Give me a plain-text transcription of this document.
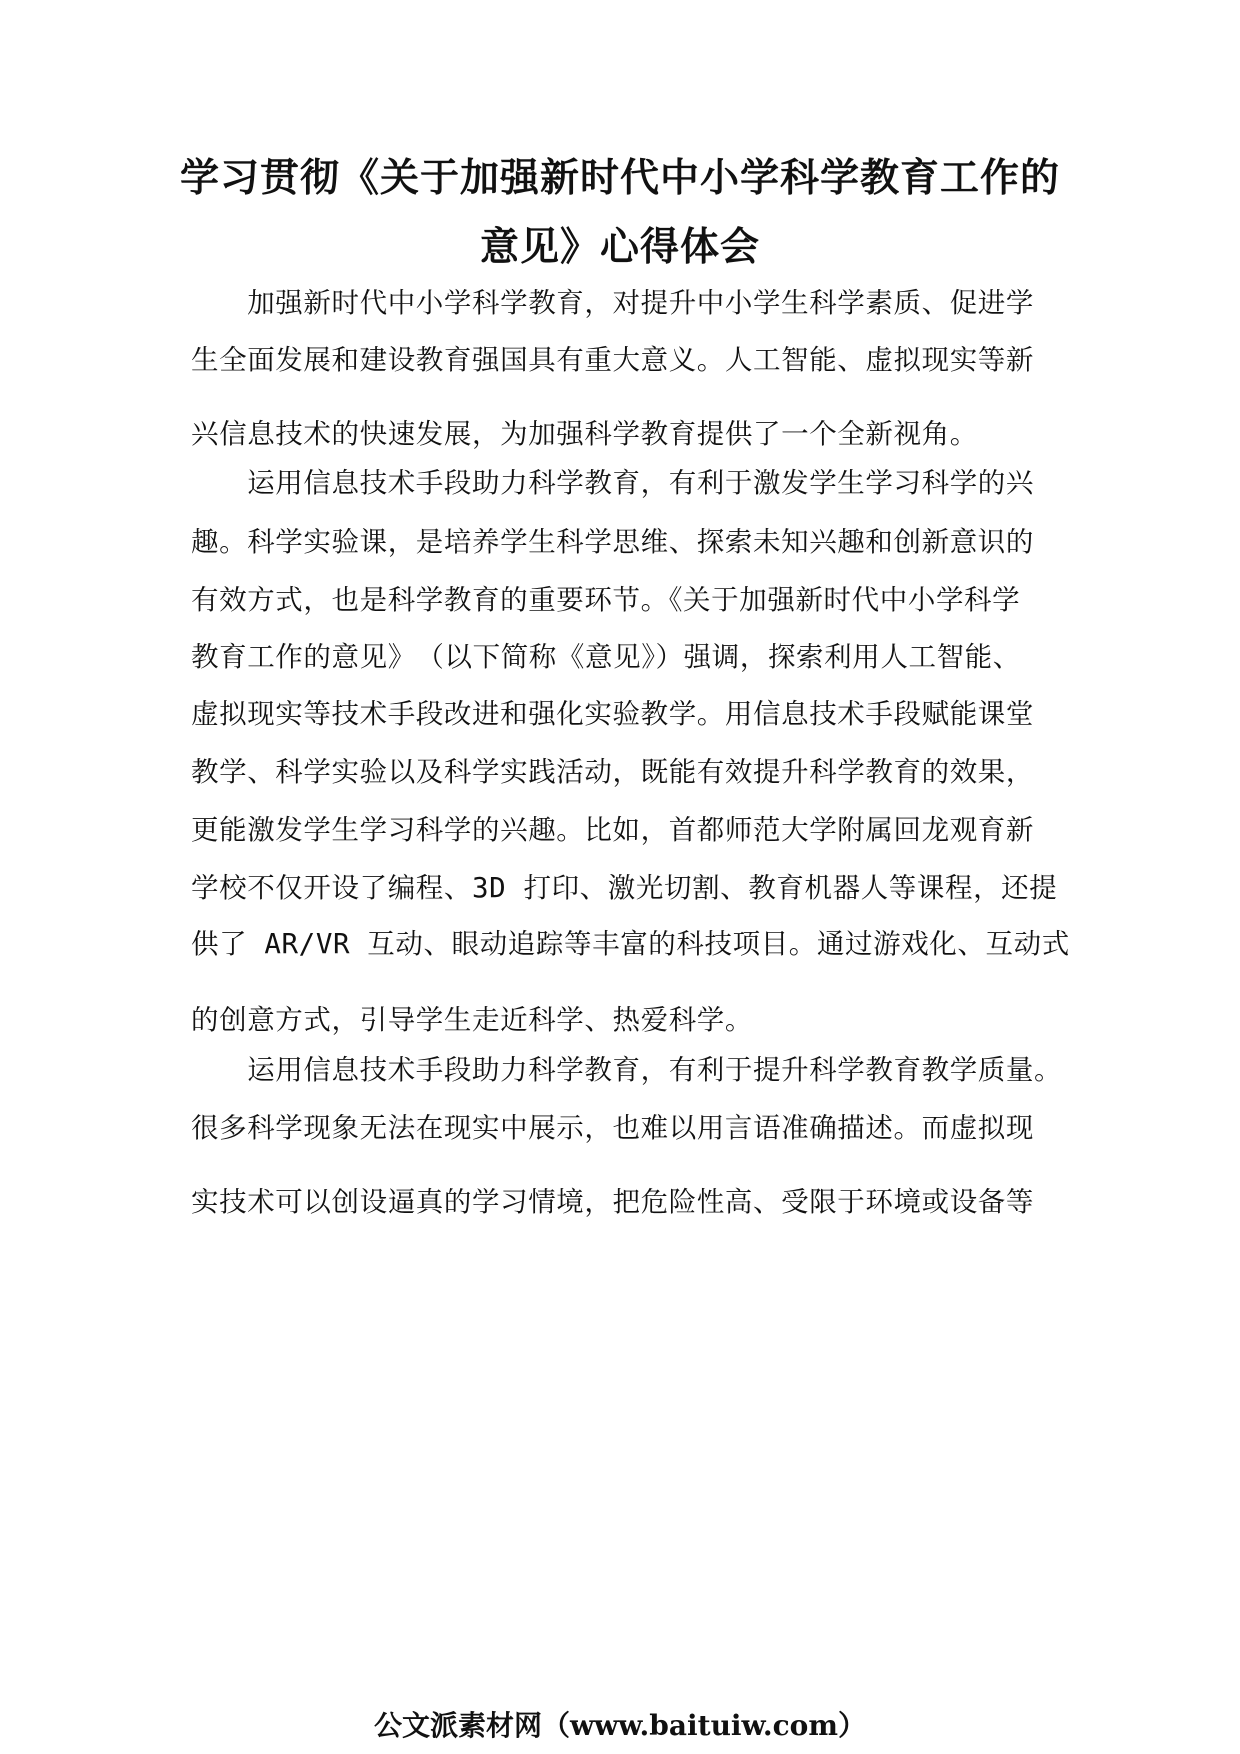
学习贯彻《关于加强新时代中小学科学教育工作的
意见》心得体会
　　加强新时代中小学科学教育，对提升中小学生科学素质、促进学
生全面发展和建设教育强国具有重大意义。人工智能、虚拟现实等新
兴信息技术的快速发展，为加强科学教育提供了一个全新视角。
　　运用信息技术手段助力科学教育，有利于激发学生学习科学的兴
趣。科学实验课，是培养学生科学思维、探索未知兴趣和创新意识的
有效方式，也是科学教育的重要环节。《关于加强新时代中小学科学
教育工作的意见》　（以下简称《意见》）强调，探索利用人工智能、
虚拟现实等技术手段改进和强化实验教学。用信息技术手段赋能课堂
教学、科学实验以及科学实践活动，既能有效提升科学教育的效果，
更能激发学生学习科学的兴趣。比如，首都师范大学附属回龙观育新
学校不仅开设了编程、3D 打印、激光切割、教育机器人等课程，还提
供了 AR/VR 互动、眼动追踪等丰富的科技项目。通过游戏化、互动式
的创意方式，引导学生走近科学、热爱科学。
　　运用信息技术手段助力科学教育，有利于提升科学教育教学质量。
很多科学现象无法在现实中展示，也难以用言语准确描述。而虚拟现
实技术可以创设逼真的学习情境，把危险性高、受限于环境或设备等
公文派素材网（www.baituiw.com）
